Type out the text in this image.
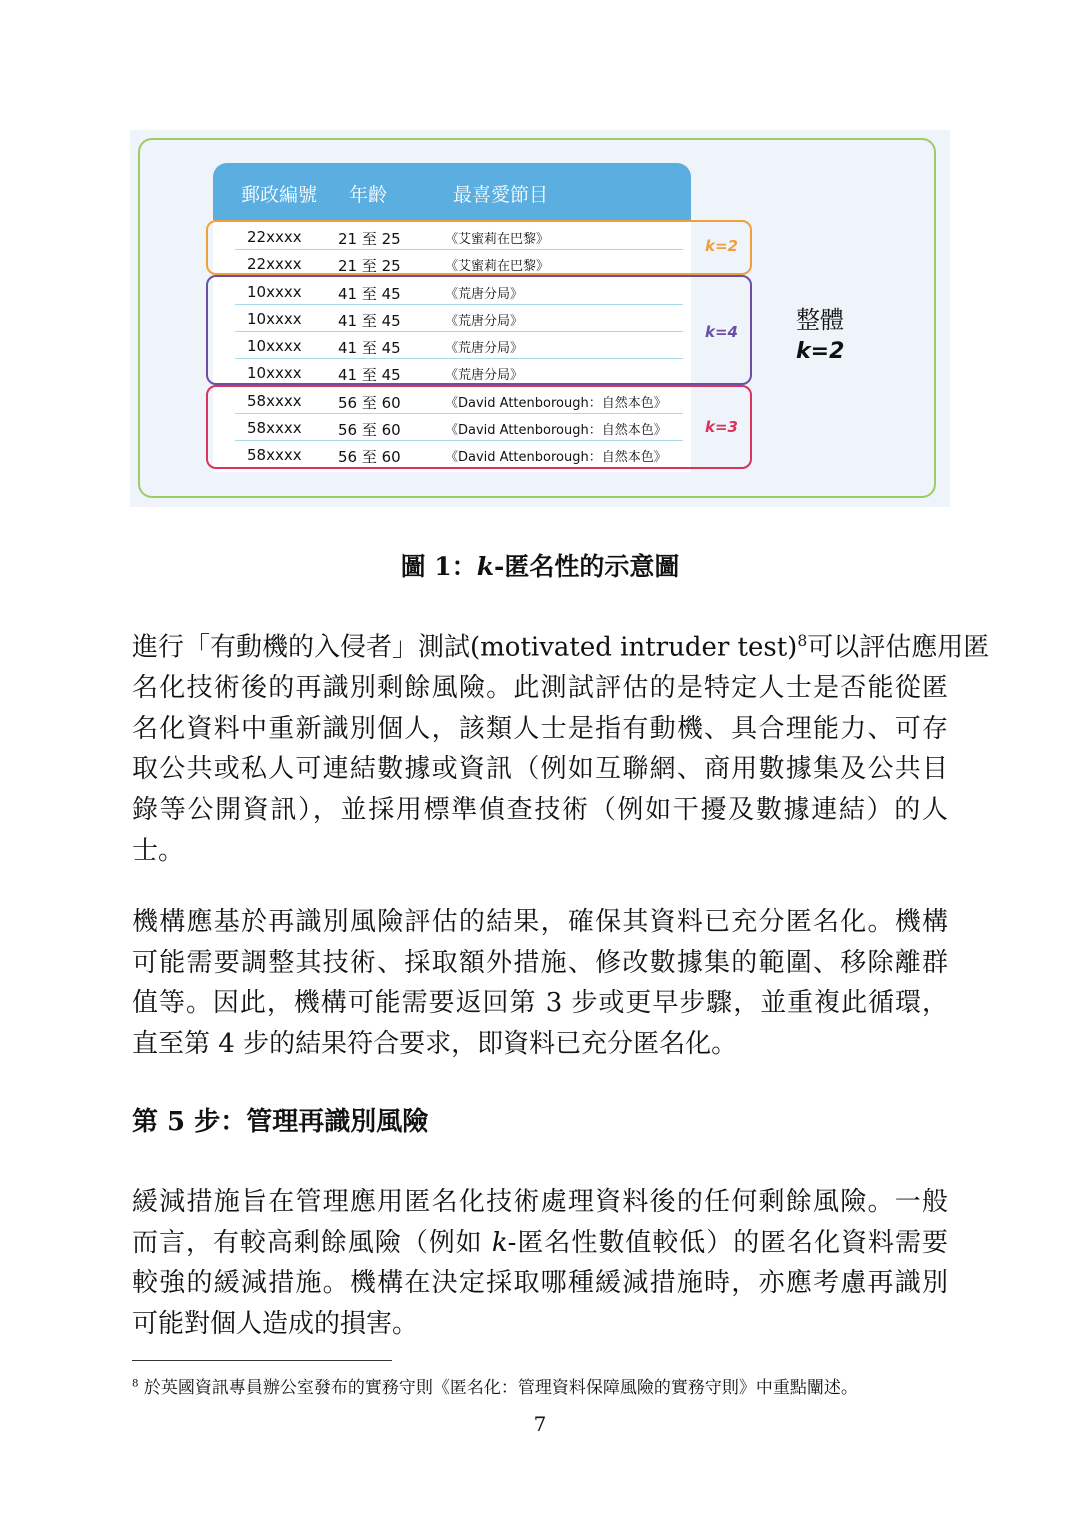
郵政編號 年齡	最喜愛節目
22xxxx 21 至 25	《艾蜜莉在巴黎》
22xxxx 21 至 25	《艾蜜莉在巴黎》
10xxxx 41 至 45	《荒唐分局》
10xxxx 41 至 45	《荒唐分局》
10xxxx 41 至 45	《荒唐分局》
10xxxx 41 至 45	《荒唐分局》
58xxxx 56 至 60	《David Attenborough：自然本色》
58xxxx 56 至 60	《David Attenborough：自然本色》
58xxxx 56 至 60	《David Attenborough：自然本色》
k=2
k=4
k=3
整體
k=2
圖 1：k-匿名性的示意圖
進行「有動機的入侵者」測試(motivated intruder test)$^8$可以評估應用匿
名化技術後的再識別剩餘風險。此測試評估的是特定人士是否能從匿
名化資料中重新識別個人，該類人士是指有動機、具合理能力、可存
取公共或私人可連結數據或資訊（例如互聯網、商用數據集及公共目
錄等公開資訊），並採用標準偵查技術（例如干擾及數據連結）的人
士。
機構應基於再識別風險評估的結果，確保其資料已充分匿名化。機構
可能需要調整其技術、採取額外措施、修改數據集的範圍、移除離群
值等。因此，機構可能需要返回第 3 步或更早步驟，並重複此循環，
直至第 4 步的結果符合要求，即資料已充分匿名化。
第 5 步：管理再識別風險
緩減措施旨在管理應用匿名化技術處理資料後的任何剩餘風險。一般
而言，有較高剩餘風險（例如 k-匿名性數值較低）的匿名化資料需要
較強的緩減措施。機構在決定採取哪種緩減措施時，亦應考慮再識別
可能對個人造成的損害。
$^8$ 於英國資訊專員辦公室發布的實務守則《匿名化：管理資料保障風險的實務守則》中重點闡述。
7
